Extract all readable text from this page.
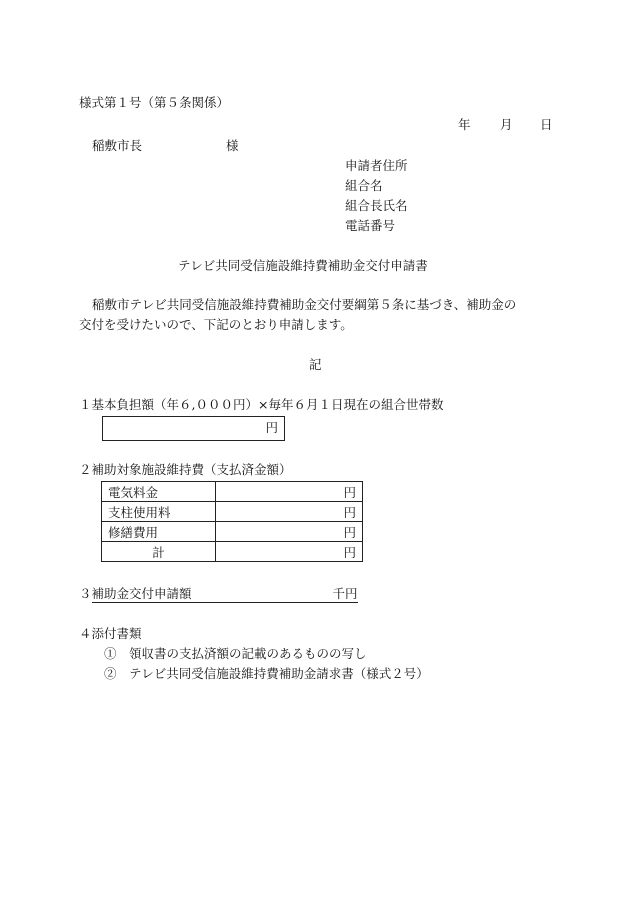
様式第１号（第５条関係）
年 月 日
稲敷市長	様
申請者住所
組合名
組合長氏名
電話番号
テレビ共同受信施設維持費補助金交付申請書
稲敷市テレビ共同受信施設維持費補助金交付要綱第５条に基づき、補助金の
交付を受けたいので、下記のとおり申請します。
記
１基本負担額（年６,０００円）×毎年６月１日現在の組合世帯数
円
２補助対象施設維持費（支払済金額）
電気料金	円
支柱使用料	円
修繕費用	円
計	円
３補助金交付申請額	千円
４添付書類
①　領収書の支払済額の記載のあるものの写し
②　テレビ共同受信施設維持費補助金請求書（様式２号）
